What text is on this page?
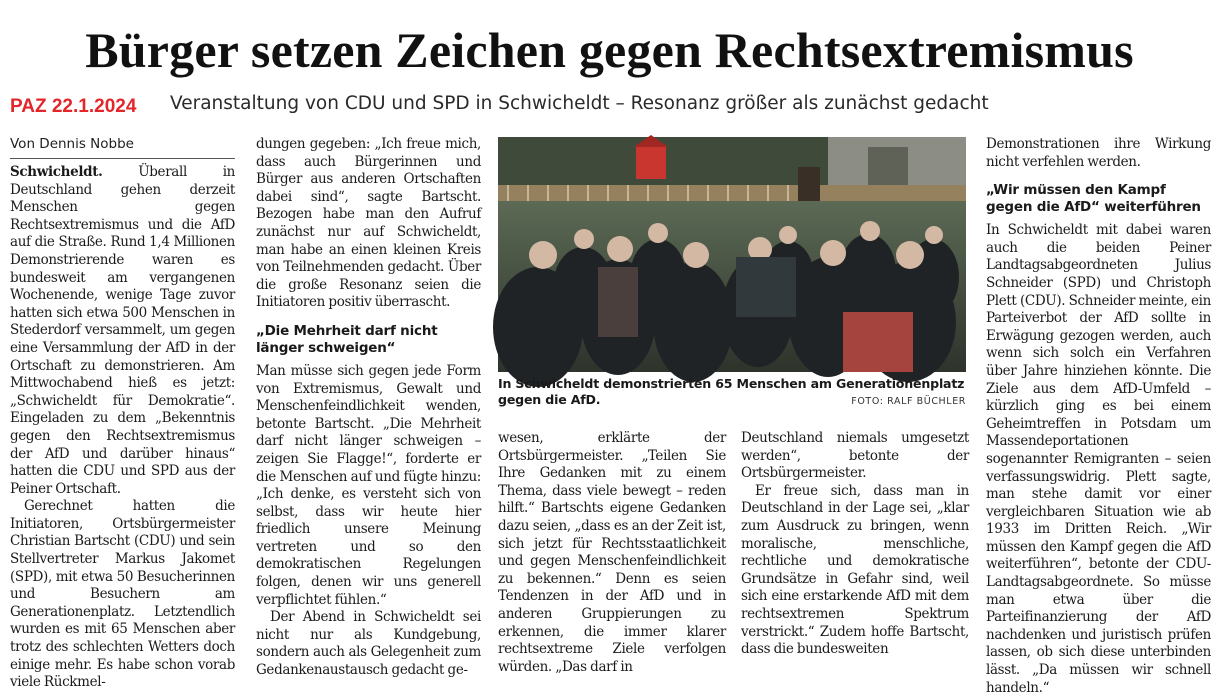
Bürger setzen Zeichen gegen Rechtsextremismus
PAZ 22.1.2024 Veranstaltung von CDU und SPD in Schwicheldt – Resonanz größer als zunächst gedacht
Von Dennis Nobbe

Schwicheldt. Überall in Deutschland gehen derzeit Menschen gegen Rechtsextremismus und die AfD auf die Straße. Rund 1,4 Millionen Demonstrierende waren es bundesweit am vergangenen Wochenende, wenige Tage zuvor hatten sich etwa 500 Menschen in Stederdorf versammelt, um gegen eine Versammlung der AfD in der Ortschaft zu demonstrieren. Am Mittwochabend hieß es jetzt: „Schwicheldt für Demokratie“. Eingeladen zu dem „Bekenntnis gegen den Rechtsextremismus der AfD und darüber hinaus“ hatten die CDU und SPD aus der Peiner Ortschaft.

Gerechnet hatten die Initiatoren, Ortsbürgermeister Christian Bartscht (CDU) und sein Stellvertreter Markus Jakomet (SPD), mit etwa 50 Besucherinnen und Besuchern am Generationenplatz. Letztendlich wurden es mit 65 Menschen aber trotz des schlechten Wetters doch einige mehr. Es habe schon vorab viele Rückmel-

dungen gegeben: „Ich freue mich, dass auch Bürgerinnen und Bürger aus anderen Ortschaften dabei sind“, sagte Bartscht. Bezogen habe man den Aufruf zunächst nur auf Schwicheldt, man habe an einen kleinen Kreis von Teilnehmenden gedacht. Über die große Resonanz seien die Initiatoren positiv überrascht.

„Die Mehrheit darf nicht länger schweigen“

Man müsse sich gegen jede Form von Extremismus, Gewalt und Menschenfeindlichkeit wenden, betonte Bartscht. „Die Mehrheit darf nicht länger schweigen – zeigen Sie Flagge!“, forderte er die Menschen auf und fügte hinzu: „Ich denke, es versteht sich von selbst, dass wir heute hier friedlich unsere Meinung vertreten und so den demokratischen Regelungen folgen, denen wir uns generell verpflichtet fühlen.“

Der Abend in Schwicheldt sei nicht nur als Kundgebung, sondern auch als Gelegenheit zum Gedankenaustausch gedacht ge-

In Schwicheldt demonstrierten 65 Menschen am Generationenplatz gegen die AfD.	FOTO: RALF BÜCHLER

wesen, erklärte der Ortsbürgermeister. „Teilen Sie Ihre Gedanken mit zu einem Thema, dass viele bewegt – reden hilft.“ Bartschts eigene Gedanken dazu seien, „dass es an der Zeit ist, sich jetzt für Rechtsstaatlichkeit und gegen Menschenfeindlichkeit zu bekennen.“ Denn es seien Tendenzen in der AfD und in anderen Gruppierungen zu erkennen, die immer klarer rechtsextreme Ziele verfolgen würden. „Das darf in

Deutschland niemals umgesetzt werden“, betonte der Ortsbürgermeister.

Er freue sich, dass man in Deutschland in der Lage sei, „klar zum Ausdruck zu bringen, wenn moralische, menschliche, rechtliche und demokratische Grundsätze in Gefahr sind, weil sich eine erstarkende AfD mit dem rechtsextremen Spektrum verstrickt.“ Zudem hoffe Bartscht, dass die bundesweiten

Demonstrationen ihre Wirkung nicht verfehlen werden.

„Wir müssen den Kampf gegen die AfD“ weiterführen

In Schwicheldt mit dabei waren auch die beiden Peiner Landtagsabgeordneten Julius Schneider (SPD) und Christoph Plett (CDU). Schneider meinte, ein Parteiverbot der AfD sollte in Erwägung gezogen werden, auch wenn sich solch ein Verfahren über Jahre hinziehen könnte. Die Ziele aus dem AfD-Umfeld – kürzlich ging es bei einem Geheimtreffen in Potsdam um Massendeportationen sogenannter Remigranten – seien verfassungswidrig. Plett sagte, man stehe damit vor einer vergleichbaren Situation wie ab 1933 im Dritten Reich. „Wir müssen den Kampf gegen die AfD weiterführen“, betonte der CDU-Landtagsabgeordnete. So müsse man etwa über die Parteifinanzierung der AfD nachdenken und juristisch prüfen lassen, ob sich diese unterbinden lässt. „Da müssen wir schnell handeln.“
